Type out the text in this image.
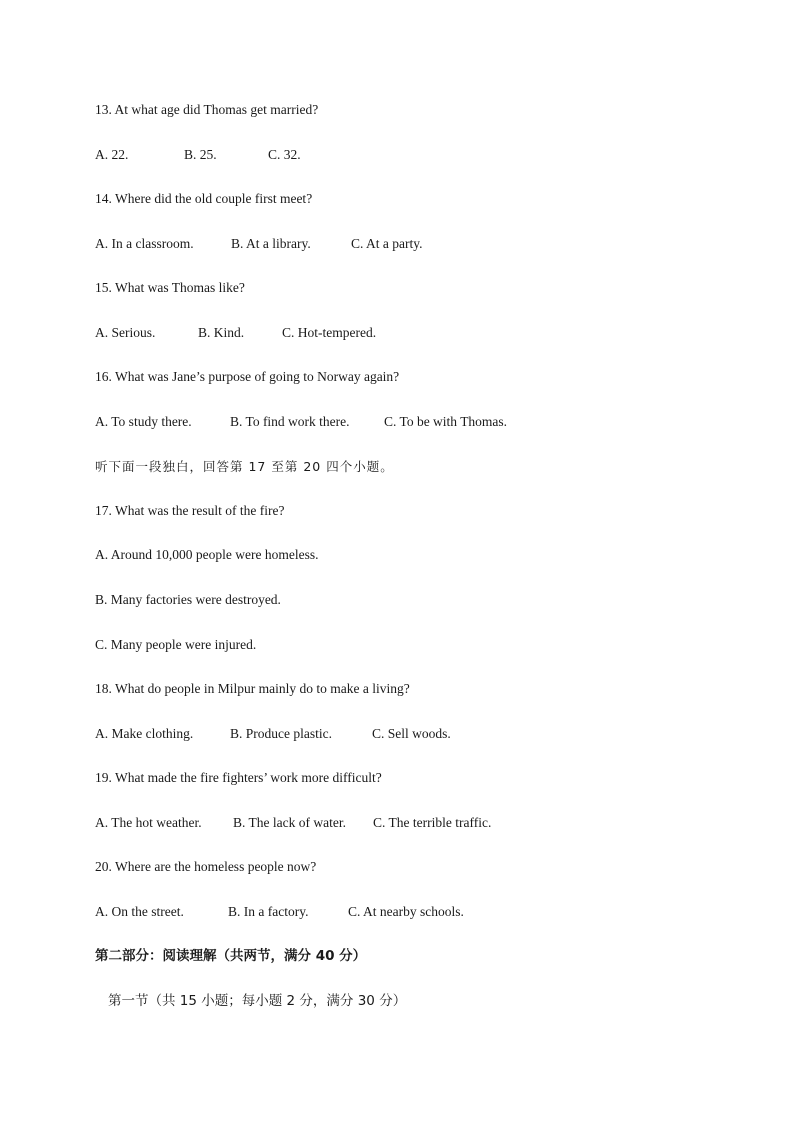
13. At what age did Thomas get married?
A. 22.	B. 25.	C. 32.
14. Where did the old couple first meet?
A. In a classroom.	B. At a library.	C. At a party.
15. What was Thomas like?
A. Serious.	B. Kind.	C. Hot-tempered.
16. What was Jane’s purpose of going to Norway again?
A. To study there.	B. To find work there.	C. To be with Thomas.
听下面一段独白，回答第 17 至第 20 四个小题。
17. What was the result of the fire?
A. Around 10,000 people were homeless.
B. Many factories were destroyed.
C. Many people were injured.
18. What do people in Milpur mainly do to make a living?
A. Make clothing.	B. Produce plastic.	C. Sell woods.
19. What made the fire fighters’ work more difficult?
A. The hot weather. B. The lack of water. C. The terrible traffic.
20. Where are the homeless people now?
A. On the street.	B. In a factory.	C. At nearby schools.
第二部分：阅读理解（共两节，满分 40 分）
第一节（共 15 小题；每小题 2 分，满分 30 分）
